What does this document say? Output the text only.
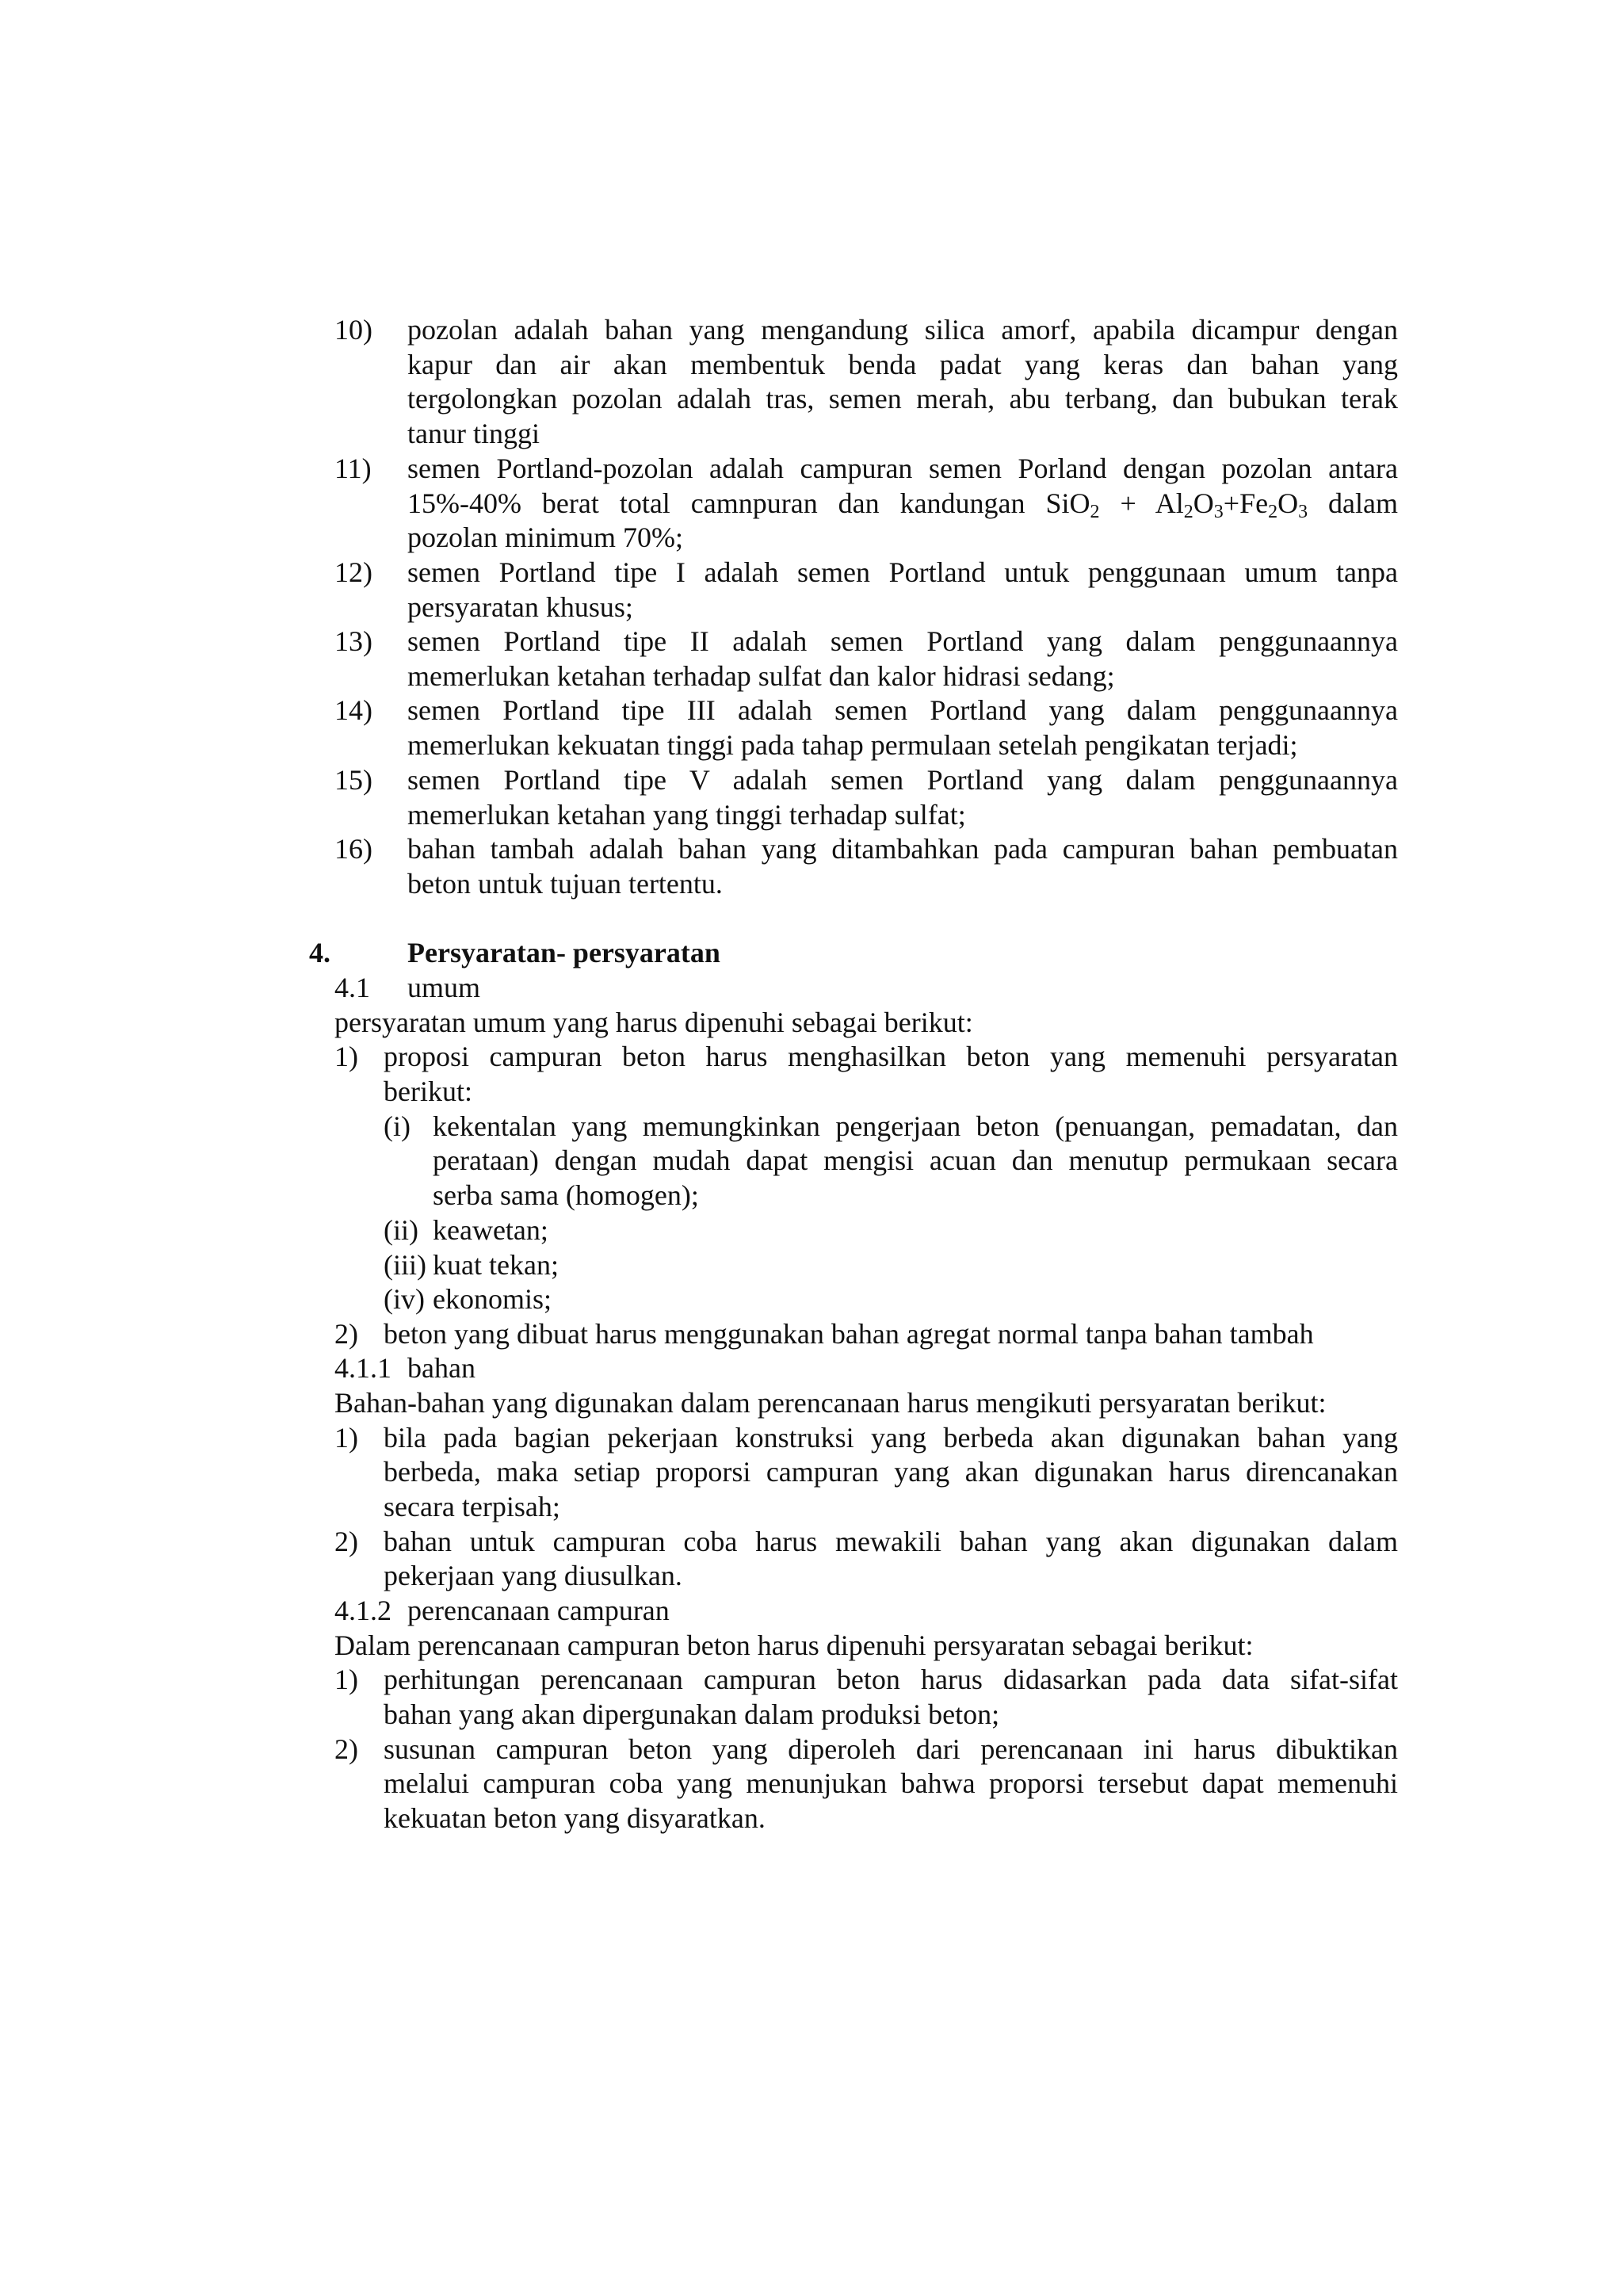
10) pozolan adalah bahan yang mengandung silica amorf, apabila dicampur dengan
kapur dan air akan membentuk benda padat yang keras dan bahan yang
tergolongkan pozolan adalah tras, semen merah, abu terbang, dan bubukan terak
tanur tinggi
11) semen Portland-pozolan adalah campuran semen Porland dengan pozolan antara
15%-40% berat total camnpuran dan kandungan $SiO_2 + Al_2O_3+Fe_2O_3$ dalam
pozolan minimum 70%;
12) semen Portland tipe I adalah semen Portland untuk penggunaan umum tanpa
persyaratan khusus;
13) semen Portland tipe II adalah semen Portland yang dalam penggunaannya
memerlukan ketahan terhadap sulfat dan kalor hidrasi sedang;
14) semen Portland tipe III adalah semen Portland yang dalam penggunaannya
memerlukan kekuatan tinggi pada tahap permulaan setelah pengikatan terjadi;
15) semen Portland tipe V adalah semen Portland yang dalam penggunaannya
memerlukan ketahan yang tinggi terhadap sulfat;
16) bahan tambah adalah bahan yang ditambahkan pada campuran bahan pembuatan
beton untuk tujuan tertentu.
4.	Persyaratan- persyaratan
4.1 umum
persyaratan umum yang harus dipenuhi sebagai berikut:
1) proposi campuran beton harus menghasilkan beton yang memenuhi persyaratan
berikut:
(i) kekentalan yang memungkinkan pengerjaan beton (penuangan, pemadatan, dan
perataan) dengan mudah dapat mengisi acuan dan menutup permukaan secara
serba sama (homogen);
(ii) keawetan;
(iii) kuat tekan;
(iv) ekonomis;
2) beton yang dibuat harus menggunakan bahan agregat normal tanpa bahan tambah
4.1.1 bahan
Bahan-bahan yang digunakan dalam perencanaan harus mengikuti persyaratan berikut:
1) bila pada bagian pekerjaan konstruksi yang berbeda akan digunakan bahan yang
berbeda, maka setiap proporsi campuran yang akan digunakan harus direncanakan
secara terpisah;
2) bahan untuk campuran coba harus mewakili bahan yang akan digunakan dalam
pekerjaan yang diusulkan.
4.1.2 perencanaan campuran
Dalam perencanaan campuran beton harus dipenuhi persyaratan sebagai berikut:
1) perhitungan perencanaan campuran beton harus didasarkan pada data sifat-sifat
bahan yang akan dipergunakan dalam produksi beton;
2) susunan campuran beton yang diperoleh dari perencanaan ini harus dibuktikan
melalui campuran coba yang menunjukan bahwa proporsi tersebut dapat memenuhi
kekuatan beton yang disyaratkan.
